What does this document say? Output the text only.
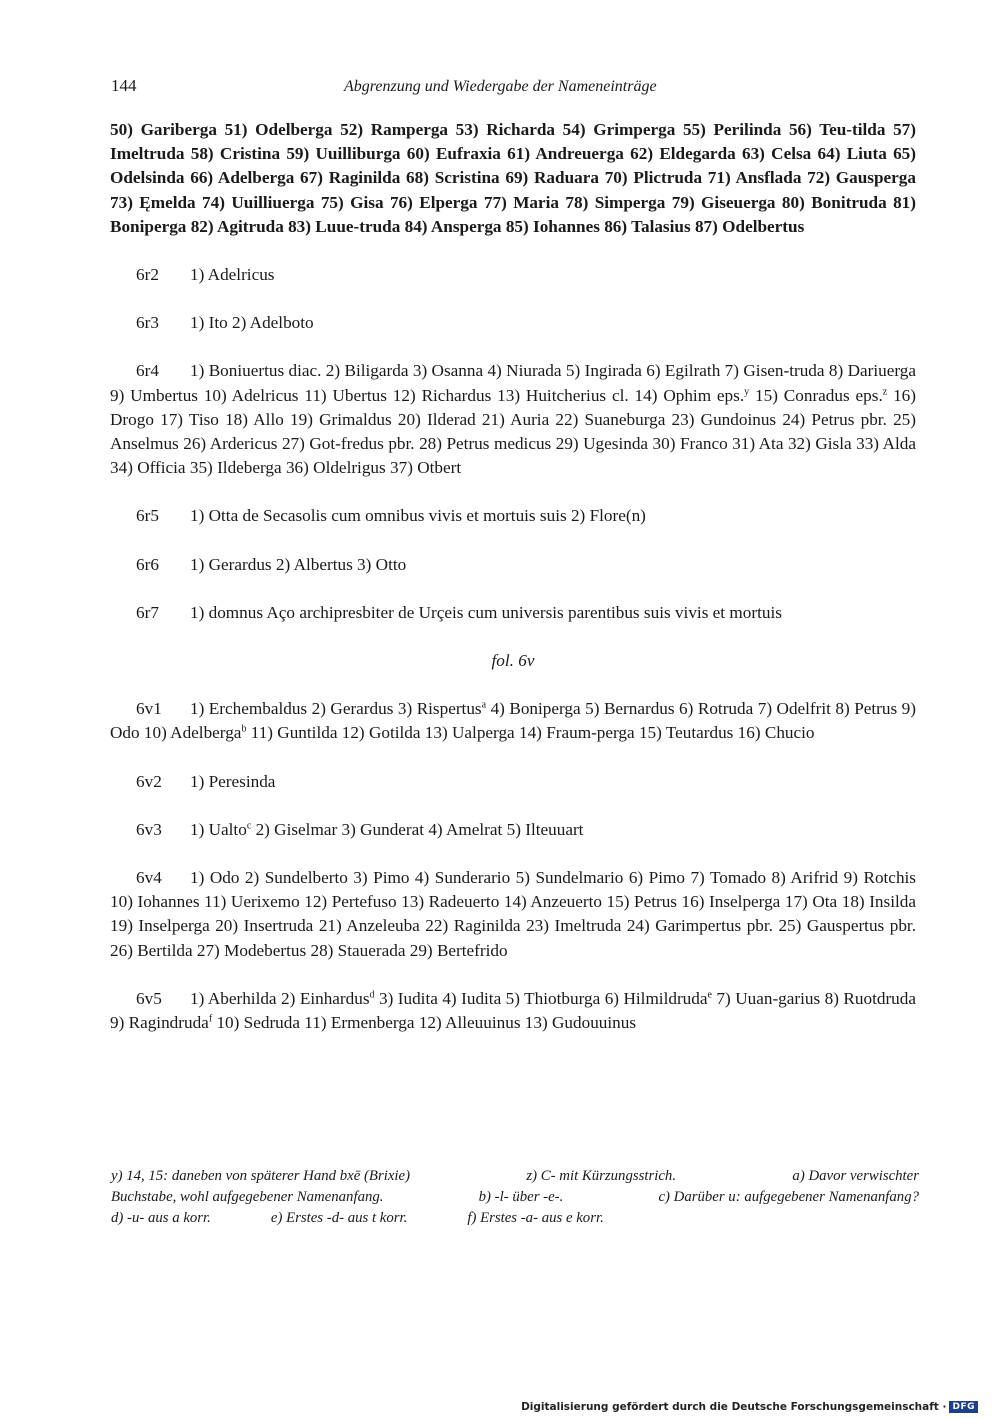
144	Abgrenzung und Wiedergabe der Nameneinträge

50) Gariberga 51) Odelberga 52) Ramperga 53) Richarda 54) Grimperga 55) Perilinda 56) Teu-tilda 57) Imeltruda 58) Cristina 59) Uuilliburga 60) Eufraxia 61) Andreuerga 62) Eldegarda 63) Celsa 64) Liuta 65) Odelsinda 66) Adelberga 67) Raginilda 68) Scristina 69) Raduara 70) Plictruda 71) Ansflada 72) Gausperga 73) Ęmelda 74) Uuilliuerga 75) Gisa 76) Elperga 77) Maria 78) Simperga 79) Giseuerga 80) Bonitruda 81) Boniperga 82) Agitruda 83) Luue-truda 84) Ansperga 85) Iohannes 86) Talasius 87) Odelbertus

6r2 1) Adelricus

6r3 1) Ito 2) Adelboto

6r4 1) Boniuertus diac. 2) Biligarda 3) Osanna 4) Niurada 5) Ingirada 6) Egilrath 7) Gisen-truda 8) Dariuerga 9) Umbertus 10) Adelricus 11) Ubertus 12) Richardus 13) Huitcherius cl. 14) Ophim eps.$^y$ 15) Conradus eps.$^z$ 16) Drogo 17) Tiso 18) Allo 19) Grimaldus 20) Ilderad 21) Auria 22) Suaneburga 23) Gundoinus 24) Petrus pbr. 25) Anselmus 26) Ardericus 27) Got-fredus pbr. 28) Petrus medicus 29) Ugesinda 30) Franco 31) Ata 32) Gisla 33) Alda 34) Officia 35) Ildeberga 36) Oldelrigus 37) Otbert

6r5 1) Otta de Secasolis cum omnibus vivis et mortuis suis 2) Flore(n)

6r6 1) Gerardus 2) Albertus 3) Otto

6r7 1) domnus Aço archipresbiter de Urçeis cum universis parentibus suis vivis et mortuis

fol. 6v

6v1 1) Erchembaldus 2) Gerardus 3) Rispertus$^a$ 4) Boniperga 5) Bernardus 6) Rotruda 7) Odelfrit 8) Petrus 9) Odo 10) Adelberga$^b$ 11) Guntilda 12) Gotilda 13) Ualperga 14) Fraum-perga 15) Teutardus 16) Chucio

6v2 1) Peresinda

6v3 1) Ualto$^c$ 2) Giselmar 3) Gunderat 4) Amelrat 5) Ilteuuart

6v4 1) Odo 2) Sundelberto 3) Pimo 4) Sunderario 5) Sundelmario 6) Pimo 7) Tomado 8) Arifrid 9) Rotchis 10) Iohannes 11) Uerixemo 12) Pertefuso 13) Radeuerto 14) Anzeuerto 15) Petrus 16) Inselperga 17) Ota 18) Insilda 19) Inselperga 20) Insertruda 21) Anzeleuba 22) Raginilda 23) Imeltruda 24) Garimpertus pbr. 25) Gauspertus pbr. 26) Bertilda 27) Modebertus 28) Stauerada 29) Bertefrido

6v5 1) Aberhilda 2) Einhardus$^d$ 3) Iudita 4) Iudita 5) Thiotburga 6) Hilmildruda$^e$ 7) Uuan-garius 8) Ruotdruda 9) Ragindruda$^f$ 10) Sedruda 11) Ermenberga 12) Alleuuinus 13) Gudouuinus

y) 14, 15: daneben von späterer Hand bxē (Brixie)	z) C- mit Kürzungsstrich.	a) Davor verwischter
Buchstabe, wohl aufgegebener Namenanfang.	b) -l- über -e-.	c) Darüber u: aufgegebener Namenanfang?
d) -u- aus a korr.	e) Erstes -d- aus t korr.	f) Erstes -a- aus e korr.
Digitalisierung gefördert durch die Deutsche Forschungsgemeinschaft · DFG
